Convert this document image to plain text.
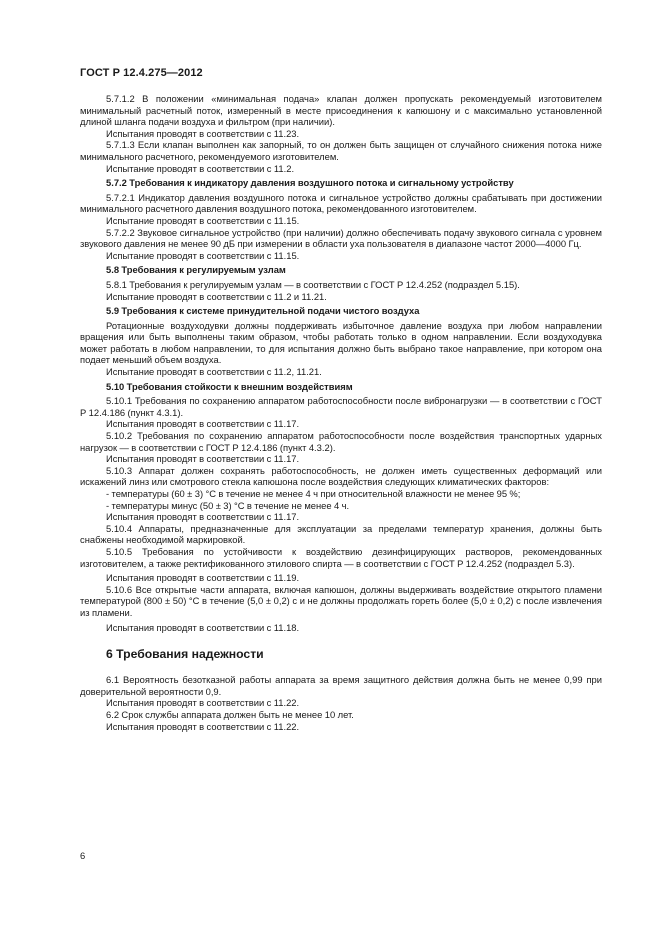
ГОСТ Р 12.4.275—2012

5.7.1.2 В положении «минимальная подача» клапан должен пропускать рекомендуемый изготовителем минимальный расчетный поток, измеренный в месте присоединения к капюшону и с максимально установленной длиной шланга подачи воздуха и фильтром (при наличии).

Испытания проводят в соответствии с 11.23.

5.7.1.3 Если клапан выполнен как запорный, то он должен быть защищен от случайного снижения потока ниже минимального расчетного, рекомендуемого изготовителем.

Испытание проводят в соответствии с 11.2.

5.7.2 Требования к индикатору давления воздушного потока и сигнальному устройству

5.7.2.1 Индикатор давления воздушного потока и сигнальное устройство должны срабатывать при достижении минимального расчетного давления воздушного потока, рекомендованного изготовителем.

Испытание проводят в соответствии с 11.15.

5.7.2.2 Звуковое сигнальное устройство (при наличии) должно обеспечивать подачу звукового сигнала с уровнем звукового давления не менее 90 дБ при измерении в области уха пользователя в диапазоне частот 2000—4000 Гц.

Испытание проводят в соответствии с 11.15.

5.8 Требования к регулируемым узлам

5.8.1 Требования к регулируемым узлам — в соответствии с ГОСТ Р 12.4.252 (подраздел 5.15).

Испытание проводят в соответствии с 11.2 и 11.21.

5.9 Требования к системе принудительной подачи чистого воздуха

Ротационные воздуходувки должны поддерживать избыточное давление воздуха при любом направлении вращения или быть выполнены таким образом, чтобы работать только в одном направлении. Если воздуходувка может работать в любом направлении, то для испытания должно быть выбрано такое направление, при котором она подает меньший объем воздуха.

Испытание проводят в соответствии с 11.2, 11.21.

5.10 Требования стойкости к внешним воздействиям

5.10.1 Требования по сохранению аппаратом работоспособности после вибронагрузки — в соответствии с ГОСТ Р 12.4.186 (пункт 4.3.1).

Испытания проводят в соответствии с 11.17.

5.10.2 Требования по сохранению аппаратом работоспособности после воздействия транспортных ударных нагрузок — в соответствии с ГОСТ Р 12.4.186 (пункт 4.3.2).

Испытания проводят в соответствии с 11.17.

5.10.3 Аппарат должен сохранять работоспособность, не должен иметь существенных деформаций или искажений линз или смотрового стекла капюшона после воздействия следующих климатических факторов:

- температуры (60 ± 3) °С в течение не менее 4 ч при относительной влажности не менее 95 %;

- температуры минус (50 ± 3) °С в течение не менее 4 ч.

Испытания проводят в соответствии с 11.17.

5.10.4 Аппараты, предназначенные для эксплуатации за пределами температур хранения, должны быть снабжены необходимой маркировкой.

5.10.5 Требования по устойчивости к воздействию дезинфицирующих растворов, рекомендованных изготовителем, а также ректификованного этилового спирта — в соответствии с ГОСТ Р 12.4.252 (подраздел 5.3).

Испытания проводят в соответствии с 11.19.

5.10.6 Все открытые части аппарата, включая капюшон, должны выдерживать воздействие открытого пламени температурой (800 ± 50) °С в течение (5,0 ± 0,2) с и не должны продолжать гореть более (5,0 ± 0,2) с после извлечения из пламени.

Испытания проводят в соответствии с 11.18.

6 Требования надежности

6.1 Вероятность безотказной работы аппарата за время защитного действия должна быть не менее 0,99 при доверительной вероятности 0,9.

Испытания проводят в соответствии с 11.22.

6.2 Срок службы аппарата должен быть не менее 10 лет.

Испытания проводят в соответствии с 11.22.

6
